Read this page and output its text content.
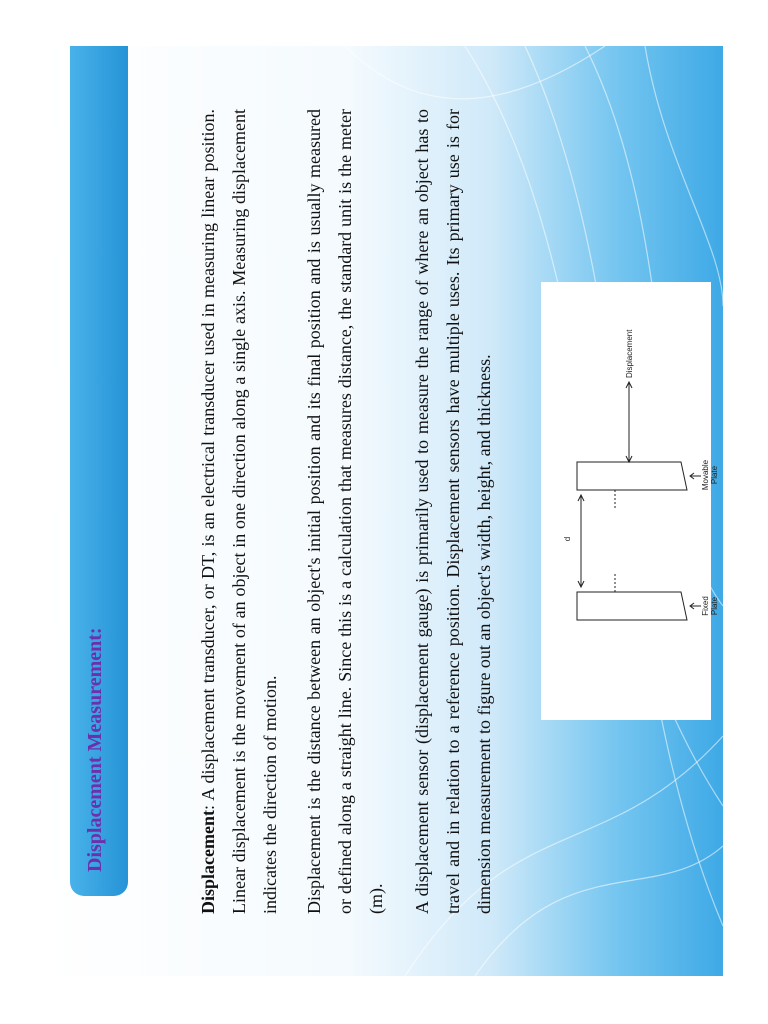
Displacement Measurement:	Displacement: A displacement transducer, or DT, is an electrical transducer used in measuring linear position. Linear displacement is the movement of an object in one direction along a single axis. Measuring displacement indicates the direction of motion.	Displacement is the distance between an object's initial position and its final position and is usually measured or defined along a straight line. Since this is a calculation that measures distance, the standard unit is the meter (m).	A displacement sensor (displacement gauge) is primarily used to measure the range of where an object has to travel and in relation to a reference position. Displacement sensors have multiple uses. Its primary use is for dimension measurement to figure out an object's width, height, and thickness.	d
Fixed
Plate
Movable
Plate
Displacement
